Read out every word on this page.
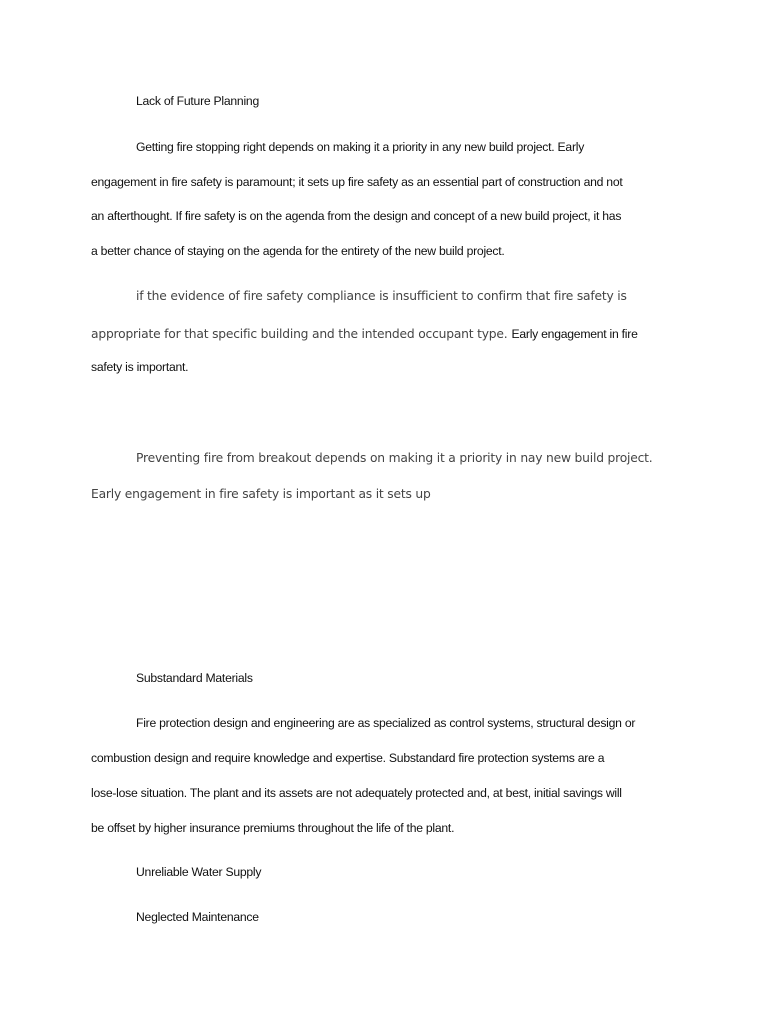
Lack of Future Planning

Getting fire stopping right depends on making it a priority in any new build project. Early

engagement in fire safety is paramount; it sets up fire safety as an essential part of construction and not

an afterthought. If fire safety is on the agenda from the design and concept of a new build project, it has

a better chance of staying on the agenda for the entirety of the new build project.

if the evidence of fire safety compliance is insufficient to confirm that fire safety is

appropriate for that specific building and the intended occupant type. Early engagement in fire

safety is important.

Preventing fire from breakout depends on making it a priority in nay new build project.

Early engagement in fire safety is important as it sets up

Substandard Materials

Fire protection design and engineering are as specialized as control systems, structural design or

combustion design and require knowledge and expertise. Substandard fire protection systems are a

lose-lose situation. The plant and its assets are not adequately protected and, at best, initial savings will

be offset by higher insurance premiums throughout the life of the plant.

Unreliable Water Supply

Neglected Maintenance
